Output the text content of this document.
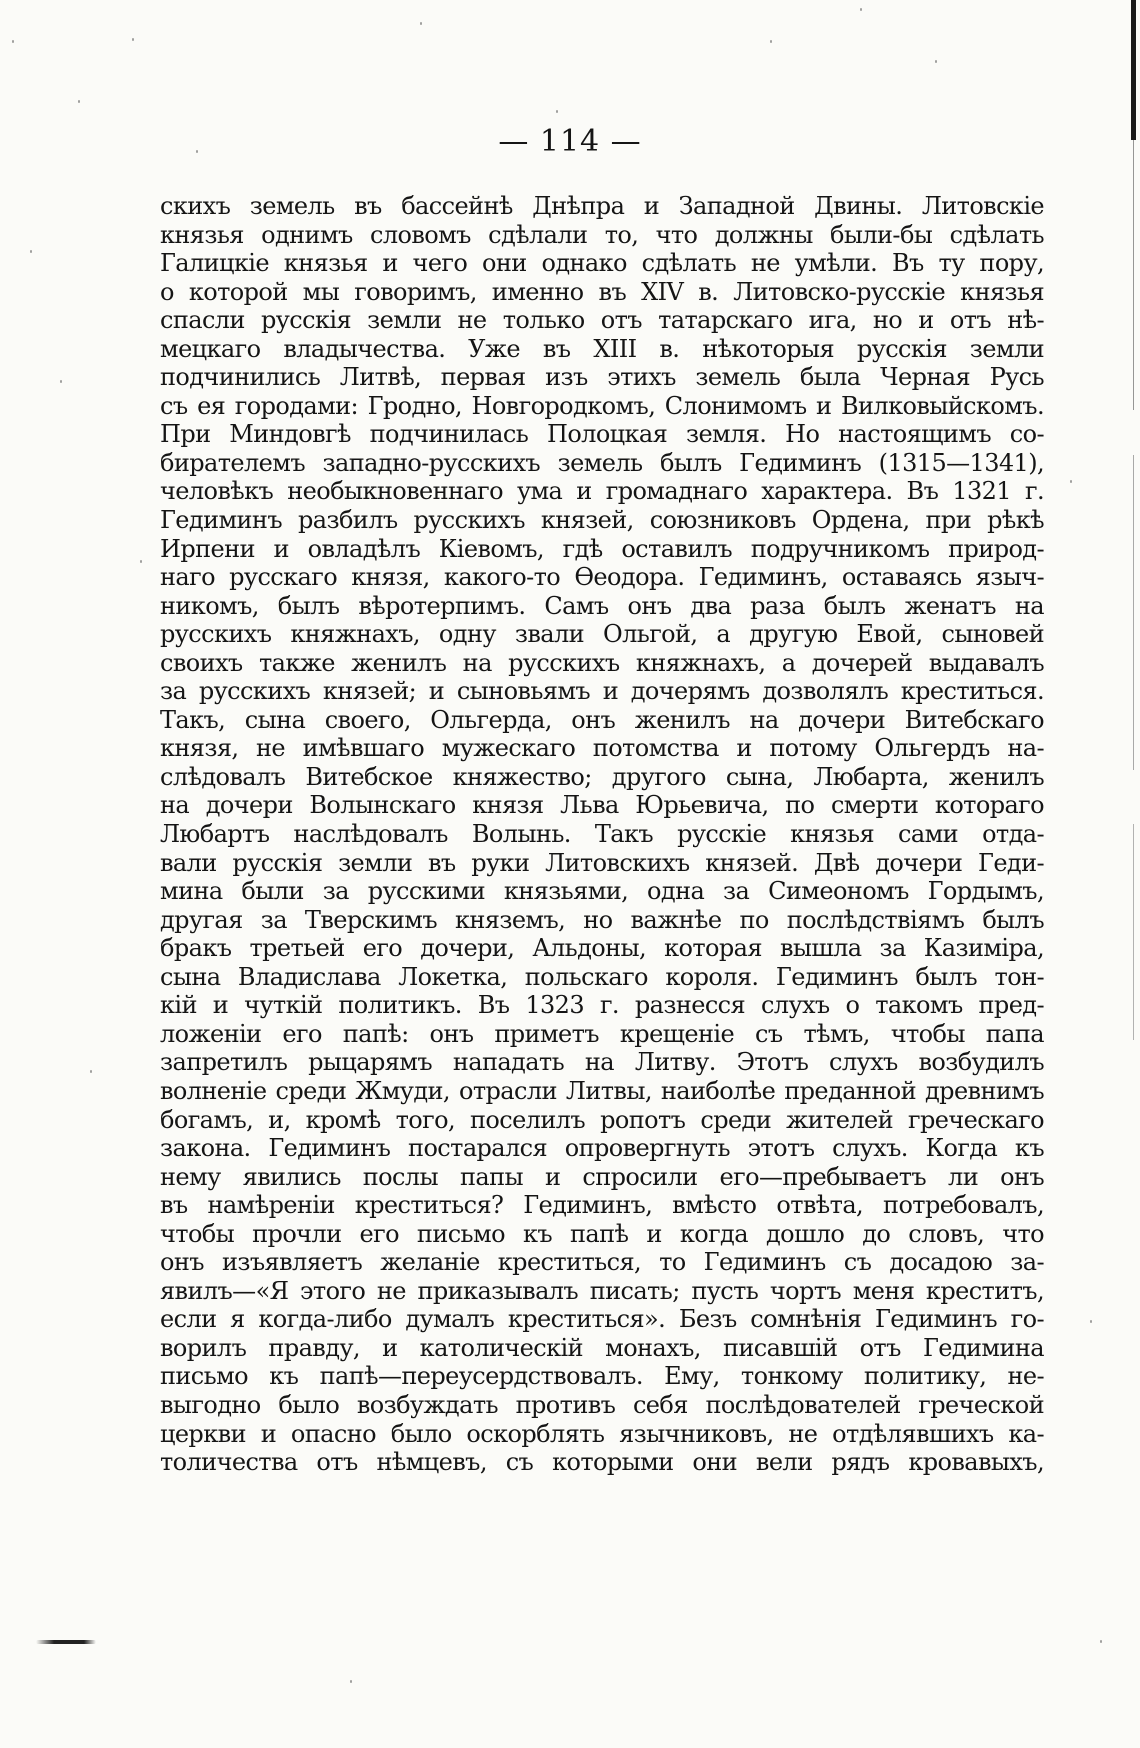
— 114 —
скихъ земель въ бассейнѣ Днѣпра и Западной Двины. Литовскіе
князья однимъ словомъ сдѣлали то, что должны были-бы сдѣлать
Галицкіе князья и чего они однако сдѣлать не умѣли. Въ ту пору,
о которой мы говоримъ, именно въ XIV в. Литовско-русскіе князья
спасли русскія земли не только отъ татарскаго ига, но и отъ нѣ-
мецкаго владычества. Уже въ XIII в. нѣкоторыя русскія земли
подчинились Литвѣ, первая изъ этихъ земель была Черная Русь
съ ея городами: Гродно, Новгородкомъ, Слонимомъ и Вилковыйскомъ.
При Миндовгѣ подчинилась Полоцкая земля. Но настоящимъ со-
бирателемъ западно-русскихъ земель былъ Гедиминъ (1315—1341),
человѣкъ необыкновеннаго ума и громаднаго характера. Въ 1321 г.
Гедиминъ разбилъ русскихъ князей, союзниковъ Ордена, при рѣкѣ
Ирпени и овладѣлъ Кіевомъ, гдѣ оставилъ подручникомъ природ-
наго русскаго князя, какого-то Ѳеодора. Гедиминъ, оставаясь языч-
никомъ, былъ вѣротерпимъ. Самъ онъ два раза былъ женатъ на
русскихъ княжнахъ, одну звали Ольгой, а другую Евой, сыновей
своихъ также женилъ на русскихъ княжнахъ, а дочерей выдавалъ
за русскихъ князей; и сыновьямъ и дочерямъ дозволялъ креститься.
Такъ, сына своего, Ольгерда, онъ женилъ на дочери Витебскаго
князя, не имѣвшаго мужескаго потомства и потому Ольгердъ на-
слѣдовалъ Витебское княжество; другого сына, Любарта, женилъ
на дочери Волынскаго князя Льва Юрьевича, по смерти котораго
Любартъ наслѣдовалъ Волынь. Такъ русскіе князья сами отда-
вали русскія земли въ руки Литовскихъ князей. Двѣ дочери Геди-
мина были за русскими князьями, одна за Симеономъ Гордымъ,
другая за Тверскимъ княземъ, но важнѣе по послѣдствіямъ былъ
бракъ третьей его дочери, Альдоны, которая вышла за Казиміра,
сына Владислава Локетка, польскаго короля. Гедиминъ былъ тон-
кій и чуткій политикъ. Въ 1323 г. разнесся слухъ о такомъ пред-
ложеніи его папѣ: онъ приметъ крещеніе съ тѣмъ, чтобы папа
запретилъ рыцарямъ нападать на Литву. Этотъ слухъ возбудилъ
волненіе среди Жмуди, отрасли Литвы, наиболѣе преданной древнимъ
богамъ, и, кромѣ того, поселилъ ропотъ среди жителей греческаго
закона. Гедиминъ постарался опровергнуть этотъ слухъ. Когда къ
нему явились послы папы и спросили его—пребываетъ ли онъ
въ намѣреніи креститься? Гедиминъ, вмѣсто отвѣта, потребовалъ,
чтобы прочли его письмо къ папѣ и когда дошло до словъ, что
онъ изъявляетъ желаніе креститься, то Гедиминъ съ досадою за-
явилъ—«Я этого не приказывалъ писать; пусть чортъ меня креститъ,
если я когда-либо думалъ креститься». Безъ сомнѣнія Гедиминъ го-
ворилъ правду, и католическій монахъ, писавшій отъ Гедимина
письмо къ папѣ—переусердствовалъ. Ему, тонкому политику, не-
выгодно было возбуждать противъ себя послѣдователей греческой
церкви и опасно было оскорблять язычниковъ, не отдѣлявшихъ ка-
толичества отъ нѣмцевъ, съ которыми они вели рядъ кровавыхъ,
